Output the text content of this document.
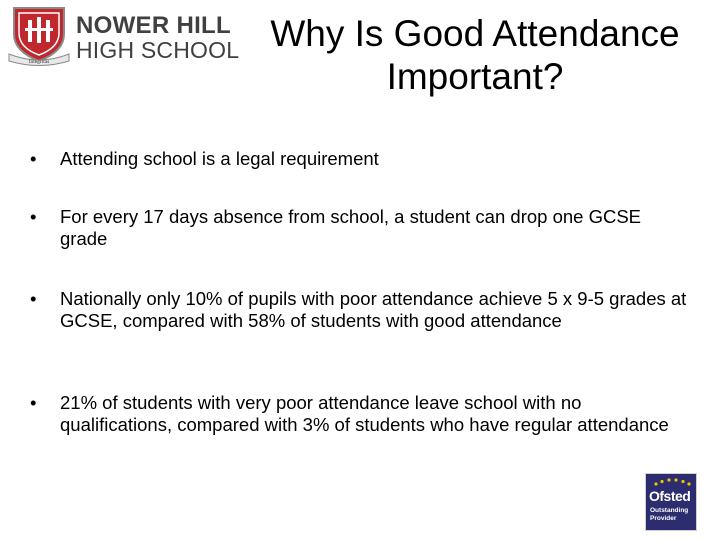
Integritas
NOWER HILL
HIGH SCHOOL Why Is Good Attendance
Important?
• Attending school is a legal requirement
• For every 17 days absence from school, a student can drop one GCSE grade
• Nationally only 10% of pupils with poor attendance achieve 5 x 9-5 grades at GCSE, compared with 58% of students with good attendance
• 21% of students with very poor attendance leave school with no qualifications, compared with 3% of students who have regular attendance
Ofsted
Outstanding
Provider
